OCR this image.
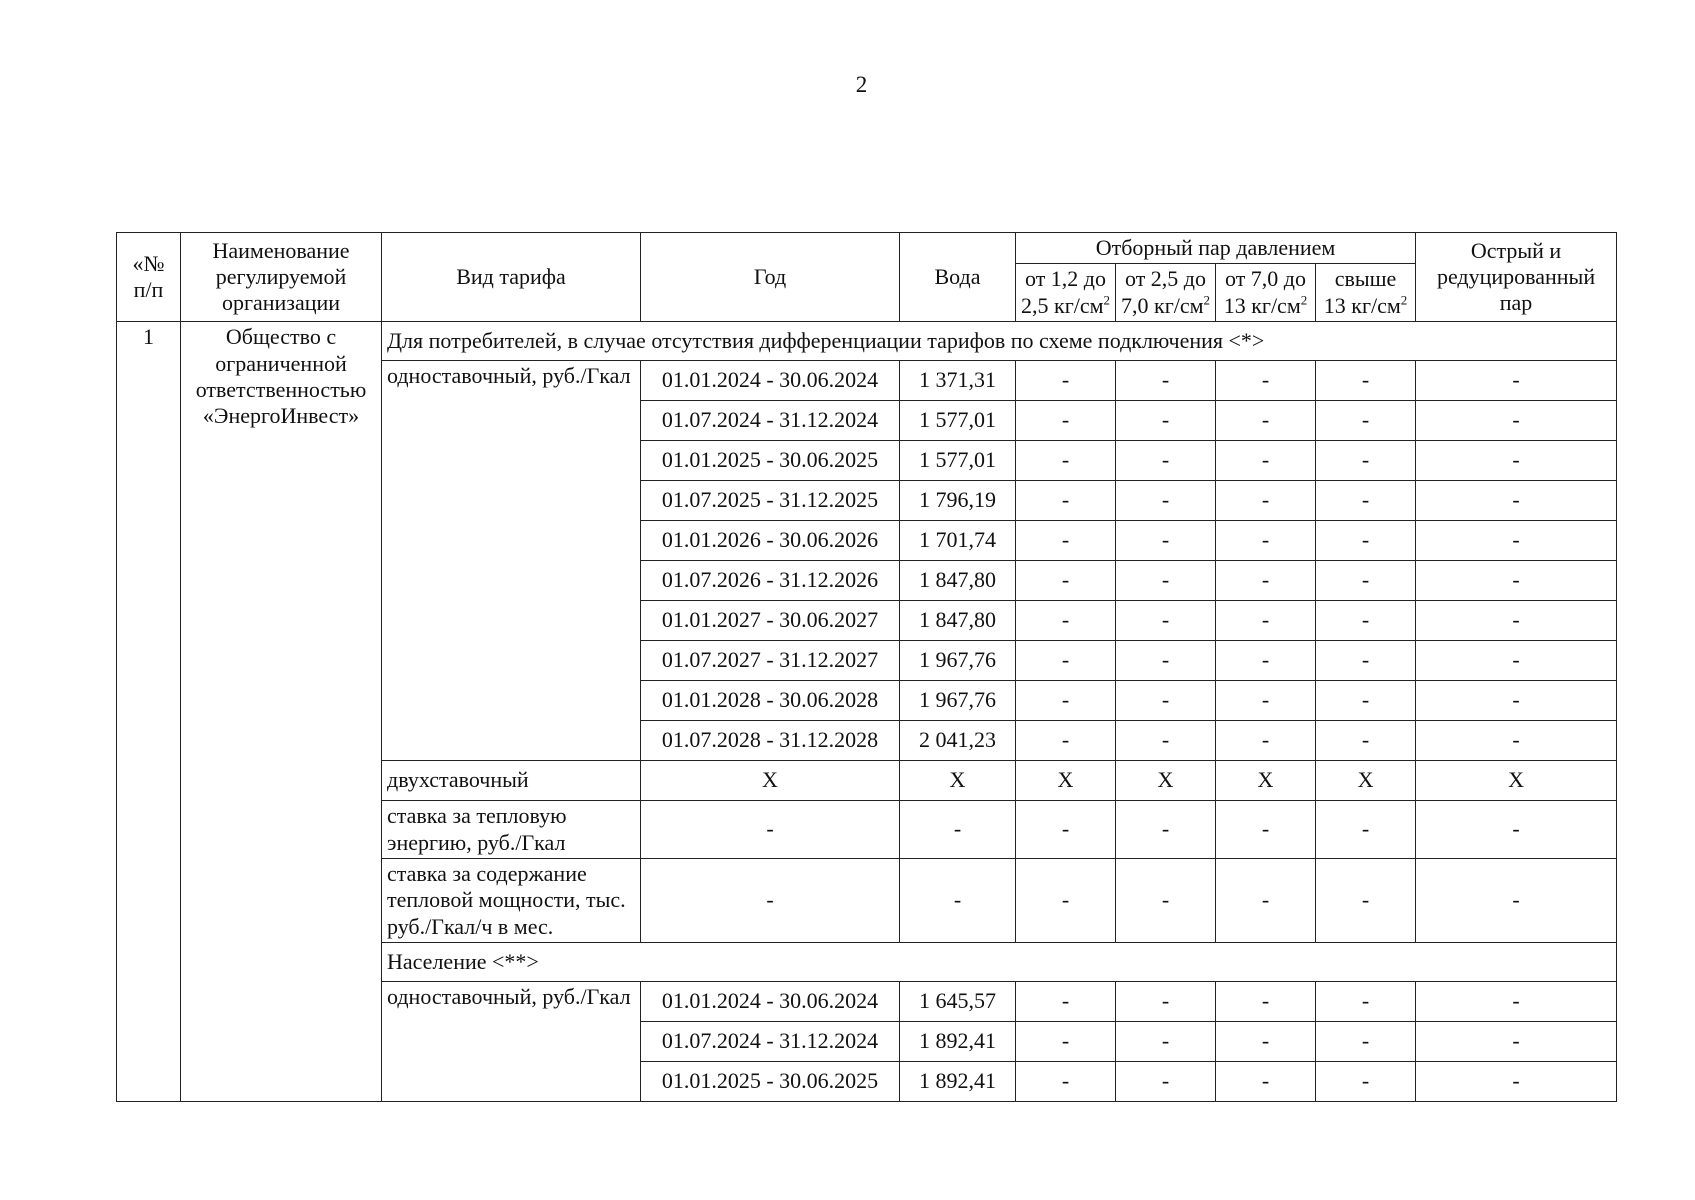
2
«№ п/п	Наименование регулируемой организации	Вид тарифа	Год	Вода	Отборный пар давлением				Острый и редуцированный пар
					от 1,2 до 2,5 $кг/см^2$	от 2,5 до 7,0 $кг/см^2$	от 7,0 до 13 $кг/см^2$	свыше 13 $кг/см^2$
1	Общество с ограниченной ответственностью «ЭнергоИнвест»	Для потребителей, в случае отсутствия дифференциации тарифов по схеме подключения <*>							
		одноставочный, руб./Гкал	01.01.2024 - 30.06.2024	1 371,31	-	-	-	-	-
			01.07.2024 - 31.12.2024	1 577,01	-	-	-	-	-
			01.01.2025 - 30.06.2025	1 577,01	-	-	-	-	-
			01.07.2025 - 31.12.2025	1 796,19	-	-	-	-	-
			01.01.2026 - 30.06.2026	1 701,74	-	-	-	-	-
			01.07.2026 - 31.12.2026	1 847,80	-	-	-	-	-
			01.01.2027 - 30.06.2027	1 847,80	-	-	-	-	-
			01.07.2027 - 31.12.2027	1 967,76	-	-	-	-	-
			01.01.2028 - 30.06.2028	1 967,76	-	-	-	-	-
			01.07.2028 - 31.12.2028	2 041,23	-	-	-	-	-
		двухставочный	X	X	X	X	X	X	X
		ставка за тепловую энергию, руб./Гкал	-	-	-	-	-	-	-
		ставка за содержание тепловой мощности, тыс. руб./Гкал/ч в мес.	-	-	-	-	-	-	-
		Население <**>							
		одноставочный, руб./Гкал	01.01.2024 - 30.06.2024	1 645,57	-	-	-	-	-
			01.07.2024 - 31.12.2024	1 892,41	-	-	-	-	-
			01.01.2025 - 30.06.2025	1 892,41	-	-	-	-	-
